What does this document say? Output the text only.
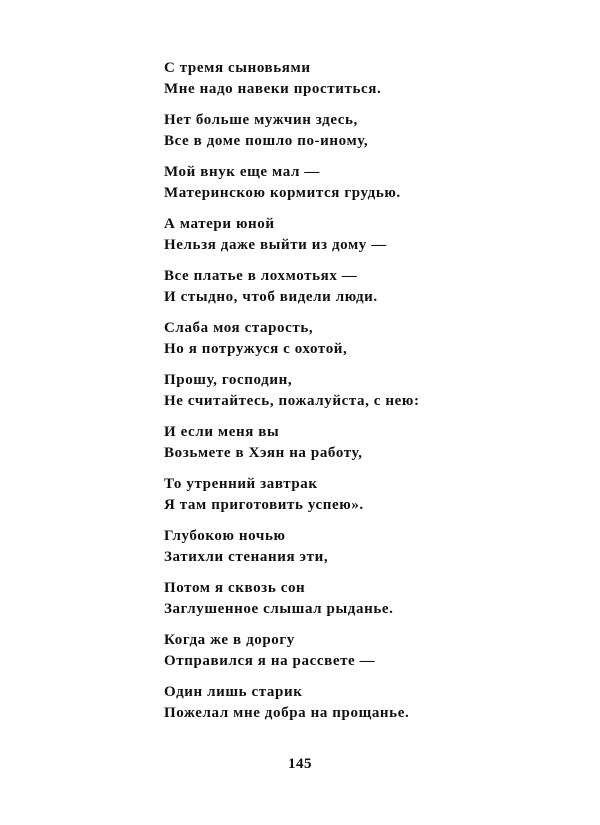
С тремя сыновьями
Мне надо навеки проститься.
Нет больше мужчин здесь,
Все в доме пошло по-иному,
Мой внук еще мал —
Материнскою кормится грудью.
А матери юной
Нельзя даже выйти из дому —
Все платье в лохмотьях —
И стыдно, чтоб видели люди.
Слаба моя старость,
Но я потружуся с охотой,
Прошу, господин,
Не считайтесь, пожалуйста, с нею:
И если меня вы
Возьмете в Хэян на работу,
То утренний завтрак
Я там приготовить успею».
Глубокою ночью
Затихли стенания эти,
Потом я сквозь сон
Заглушенное слышал рыданье.
Когда же в дорогу
Отправился я на рассвете —
Один лишь старик
Пожелал мне добра на прощанье.
145
